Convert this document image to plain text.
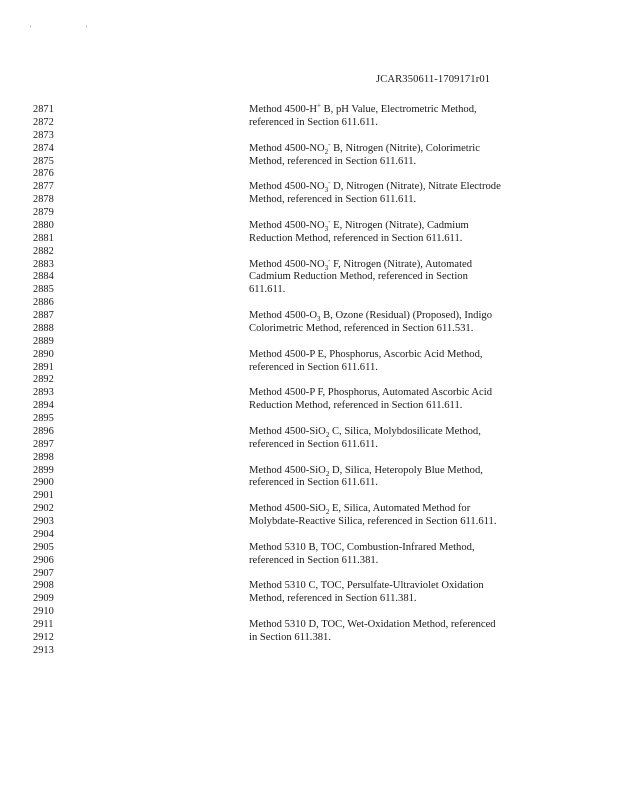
' '
JCAR350611-1709171r01
2871
2872
2873
2874
2875
2876
2877
2878
2879
2880
2881
2882
2883
2884
2885
2886
2887
2888
2889
2890
2891
2892
2893
2894
2895
2896
2897
2898
2899
2900
2901
2902
2903
2904
2905
2906
2907
2908
2909
2910
2911
2912
2913
Method 4500-H+ B, pH Value, Electrometric Method,
referenced in Section 611.611.
Method $4500-NO_2^-$ B, Nitrogen (Nitrite), Colorimetric
Method, referenced in Section 611.611.
Method $4500-NO_3^-$ D, Nitrogen (Nitrate), Nitrate Electrode
Method, referenced in Section 611.611.
Method $4500-NO_3^-$ E, Nitrogen (Nitrate), Cadmium
Reduction Method, referenced in Section 611.611.
Method $4500-NO_3^-$ F, Nitrogen (Nitrate), Automated
Cadmium Reduction Method, referenced in Section
611.611.
Method $4500-O_3$ B, Ozone (Residual) (Proposed), Indigo
Colorimetric Method, referenced in Section 611.531.
Method 4500-P E, Phosphorus, Ascorbic Acid Method,
referenced in Section 611.611.
Method 4500-P F, Phosphorus, Automated Ascorbic Acid
Reduction Method, referenced in Section 611.611.
Method 4500-SiO$_2$ C, Silica, Molybdosilicate Method,
referenced in Section 611.611.
Method 4500-SiO$_2$ D, Silica, Heteropoly Blue Method,
referenced in Section 611.611.
Method 4500-SiO$_2$ E, Silica, Automated Method for
Molybdate-Reactive Silica, referenced in Section 611.611.
Method 5310 B, TOC, Combustion-Infrared Method,
referenced in Section 611.381.
Method 5310 C, TOC, Persulfate-Ultraviolet Oxidation
Method, referenced in Section 611.381.
Method 5310 D, TOC, Wet-Oxidation Method, referenced
in Section 611.381.
